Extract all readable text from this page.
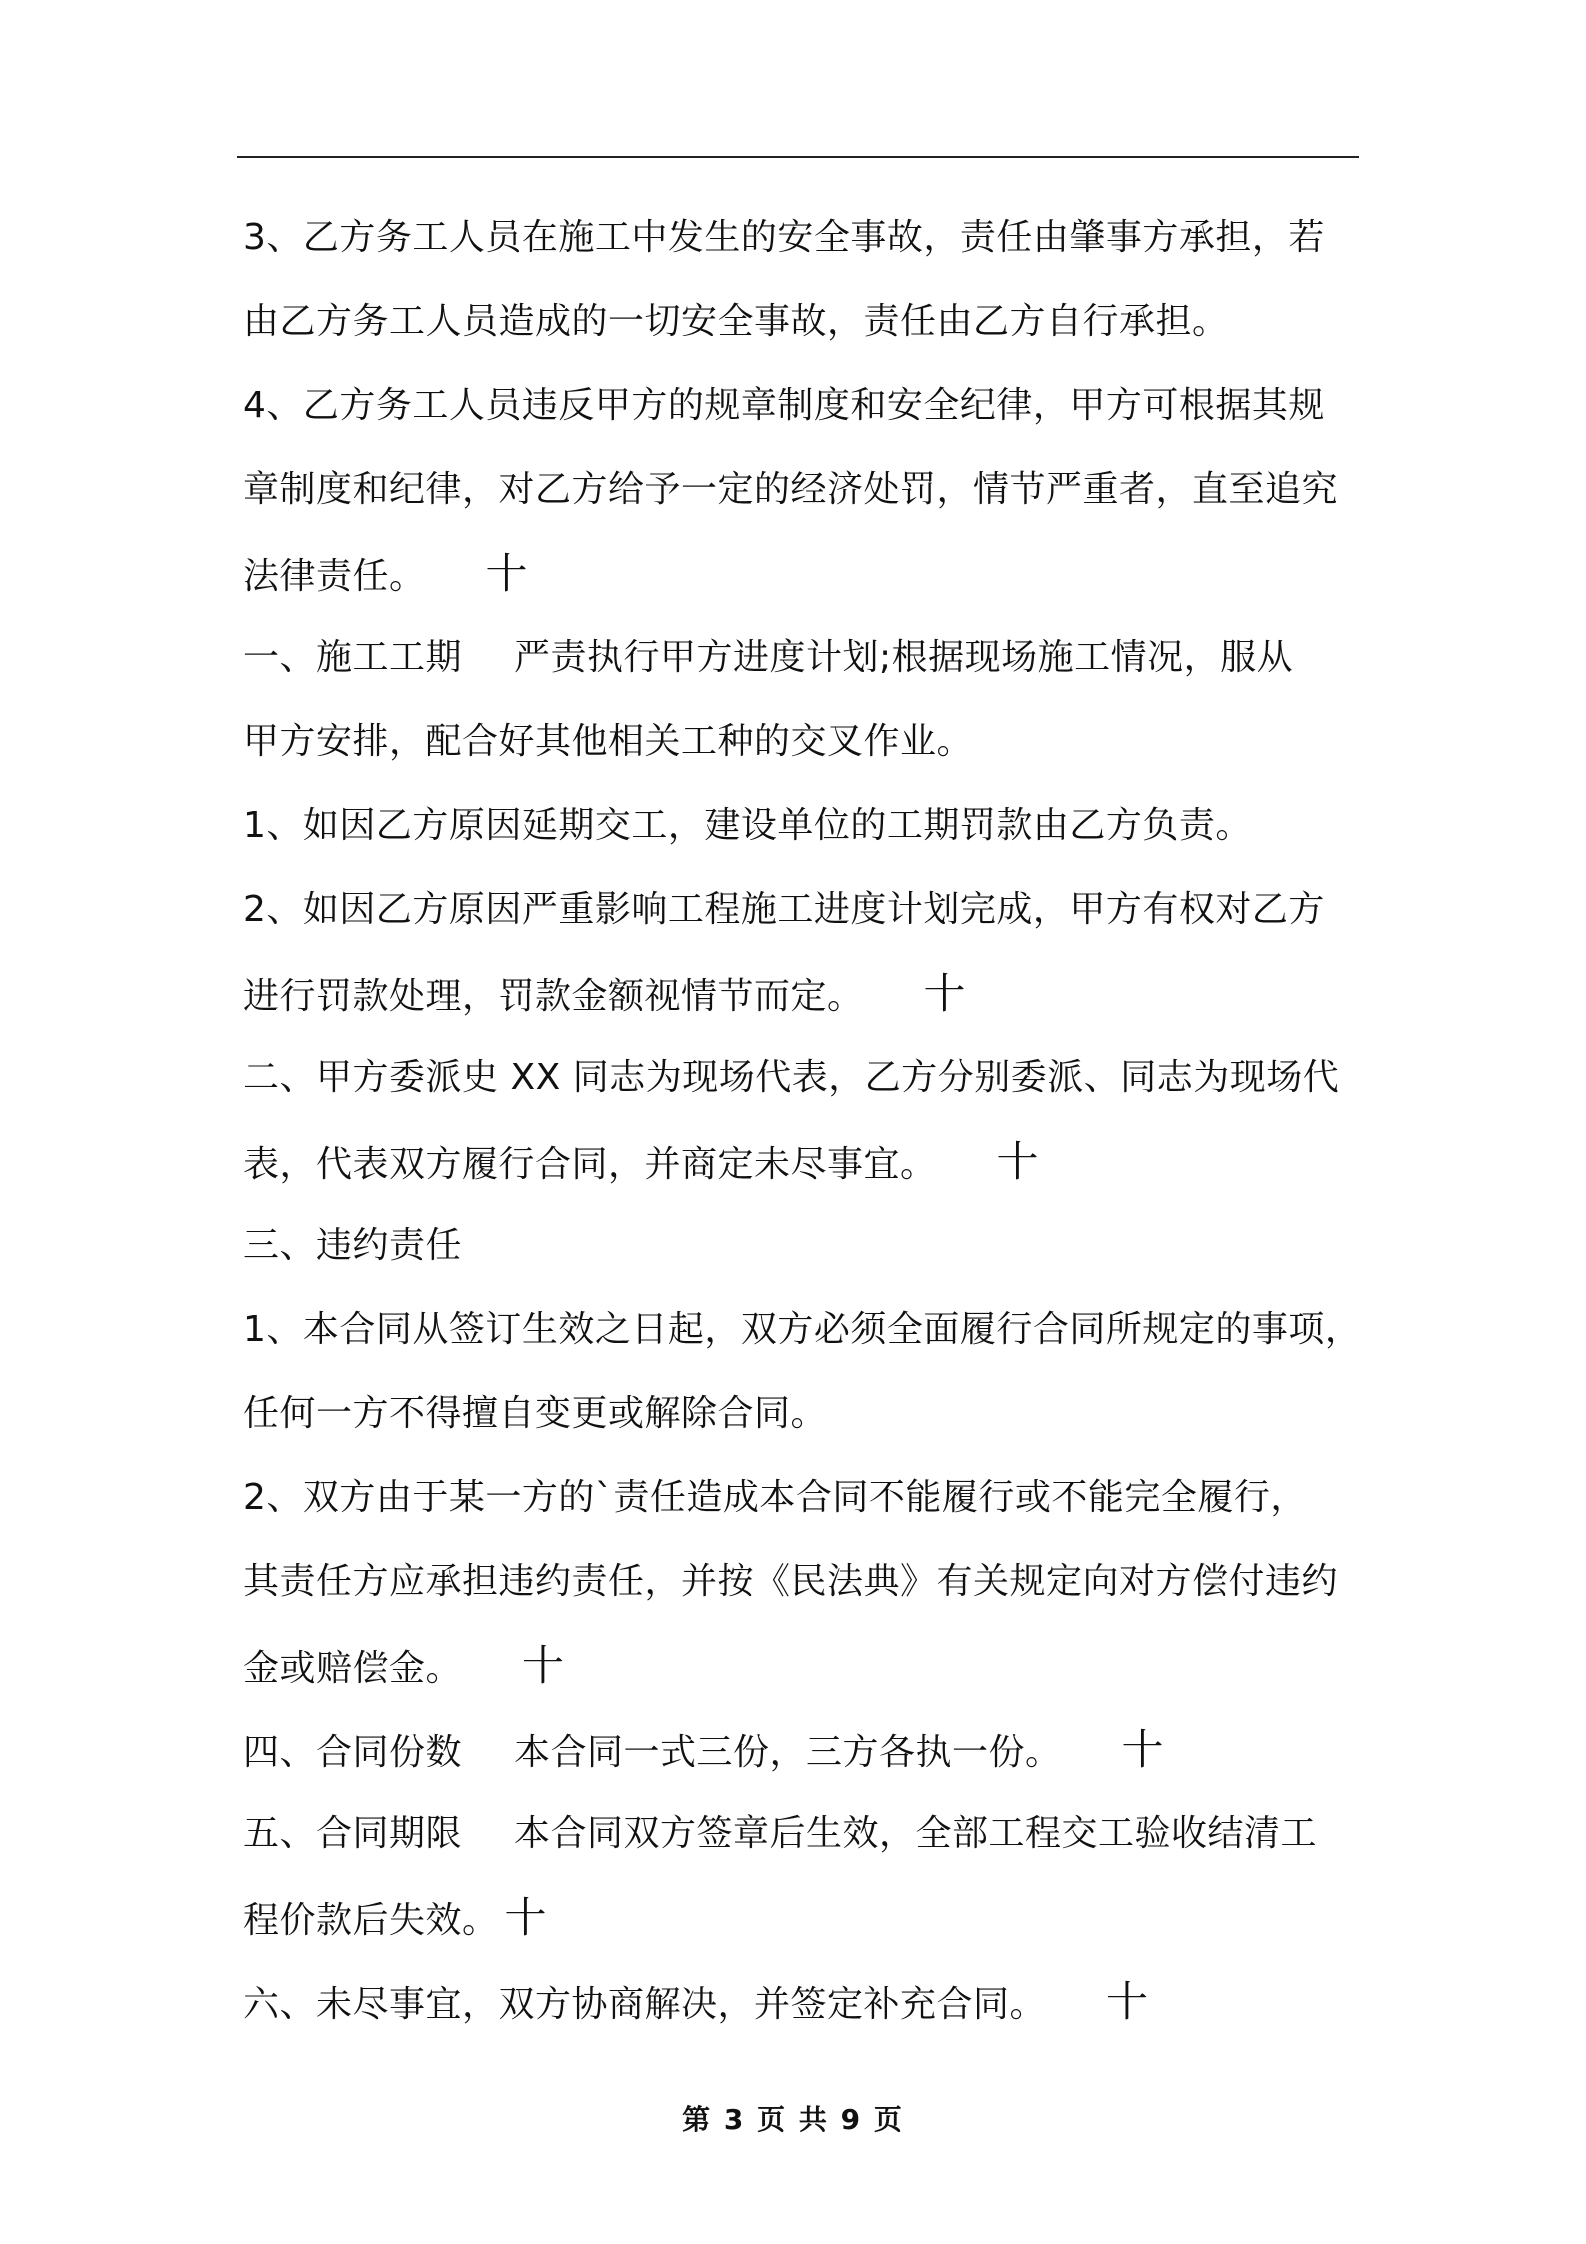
3、乙方务工人员在施工中发生的安全事故，责任由肇事方承担，若
由乙方务工人员造成的一切安全事故，责任由乙方自行承担。
4、乙方务工人员违反甲方的规章制度和安全纪律，甲方可根据其规
章制度和纪律，对乙方给予一定的经济处罚，情节严重者，直至追究
法律责任。 十
一、施工工期 严责执行甲方进度计划;根据现场施工情况，服从
甲方安排，配合好其他相关工种的交叉作业。
1、如因乙方原因延期交工，建设单位的工期罚款由乙方负责。
2、如因乙方原因严重影响工程施工进度计划完成，甲方有权对乙方
进行罚款处理，罚款金额视情节而定。 十
二、甲方委派史 XX 同志为现场代表，乙方分别委派、同志为现场代
表，代表双方履行合同，并商定未尽事宜。 十
三、违约责任
1、本合同从签订生效之日起，双方必须全面履行合同所规定的事项，
任何一方不得擅自变更或解除合同。
2、双方由于某一方的`责任造成本合同不能履行或不能完全履行，
其责任方应承担违约责任，并按《民法典》有关规定向对方偿付违约
金或赔偿金。 十
四、合同份数 本合同一式三份，三方各执一份。 十
五、合同期限 本合同双方签章后生效，全部工程交工验收结清工
程价款后失效。 十
六、未尽事宜，双方协商解决，并签定补充合同。 十
第 3 页 共 9 页
